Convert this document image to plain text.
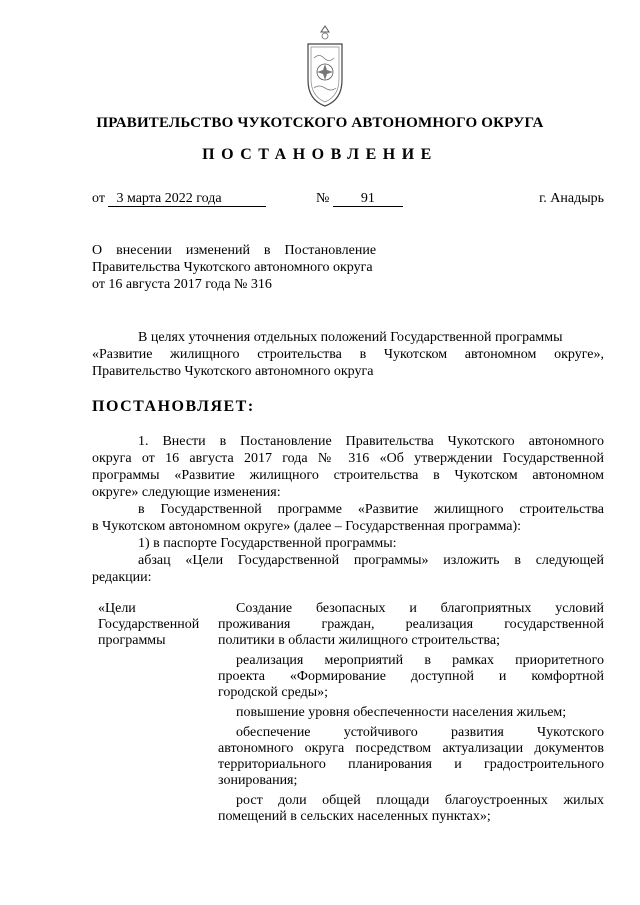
ПРАВИТЕЛЬСТВО ЧУКОТСКОГО АВТОНОМНОГО ОКРУГА
ПОСТАНОВЛЕНИЕ
от 3 марта 2022 года	№ 91	г. Анадырь
О    внесении    изменений    в    Постановление
Правительства Чукотского автономного округа
от 16 августа 2017 года № 316
В целях уточнения отдельных положений Государственной программы
«Развитие жилищного строительства в Чукотском автономном округе»,
Правительство Чукотского автономного округа
ПОСТАНОВЛЯЕТ:
1. Внести в Постановление Правительства Чукотского автономного
округа от 16 августа 2017 года № 316 «Об утверждении Государственной
программы «Развитие жилищного строительства в Чукотском автономном
округе» следующие изменения:
в Государственной программе «Развитие жилищного строительства
в Чукотском автономном округе» (далее – Государственная программа):
1) в паспорте Государственной программы:
абзац «Цели Государственной программы» изложить в следующей
редакции:
«Цели
Государственной
программы
Создание безопасных и благоприятных условий
проживания граждан, реализация государственной
политики в области жилищного строительства;
реализация мероприятий в рамках приоритетного
проекта «Формирование доступной и комфортной
городской среды»;
повышение уровня обеспеченности населения жильем;
обеспечение устойчивого развития Чукотского
автономного округа посредством актуализации документов
территориального планирования и градостроительного
зонирования;
рост доли общей площади благоустроенных жилых
помещений в сельских населенных пунктах»;
